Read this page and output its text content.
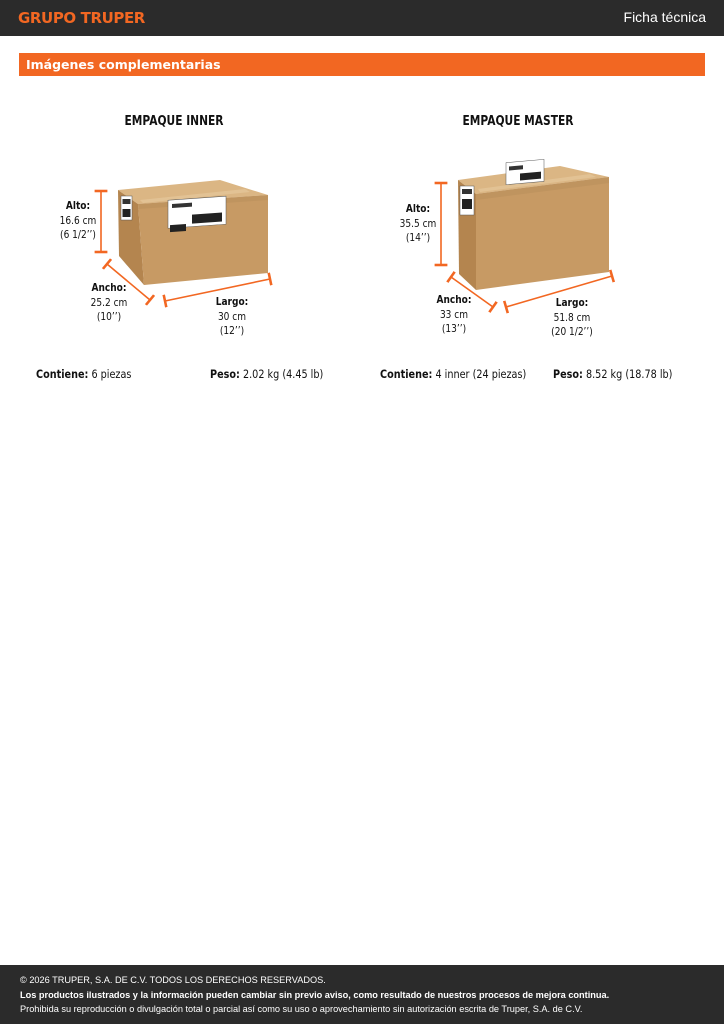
GRUPO TRUPER	Ficha técnica
Imágenes complementarias
EMPAQUE INNER
Alto:
16.6 cm
(6 1/2’’)
Ancho:
25.2 cm
(10’’)
Largo:
30 cm
(12’’)
EMPAQUE MASTER
Alto:
35.5 cm
(14’’)
Ancho:
33 cm
(13’’)
Largo:
51.8 cm
(20 1/2’’)
Contiene: 6 piezas	Peso: 2.02 kg (4.45 lb)	Contiene: 4 inner (24 piezas) Peso: 8.52 kg (18.78 lb)
© 2026 TRUPER, S.A. DE C.V. TODOS LOS DERECHOS RESERVADOS.
Los productos ilustrados y la información pueden cambiar sin previo aviso, como resultado de nuestros procesos de mejora continua.
Prohibida su reproducción o divulgación total o parcial así como su uso o aprovechamiento sin autorización escrita de Truper, S.A. de C.V.
